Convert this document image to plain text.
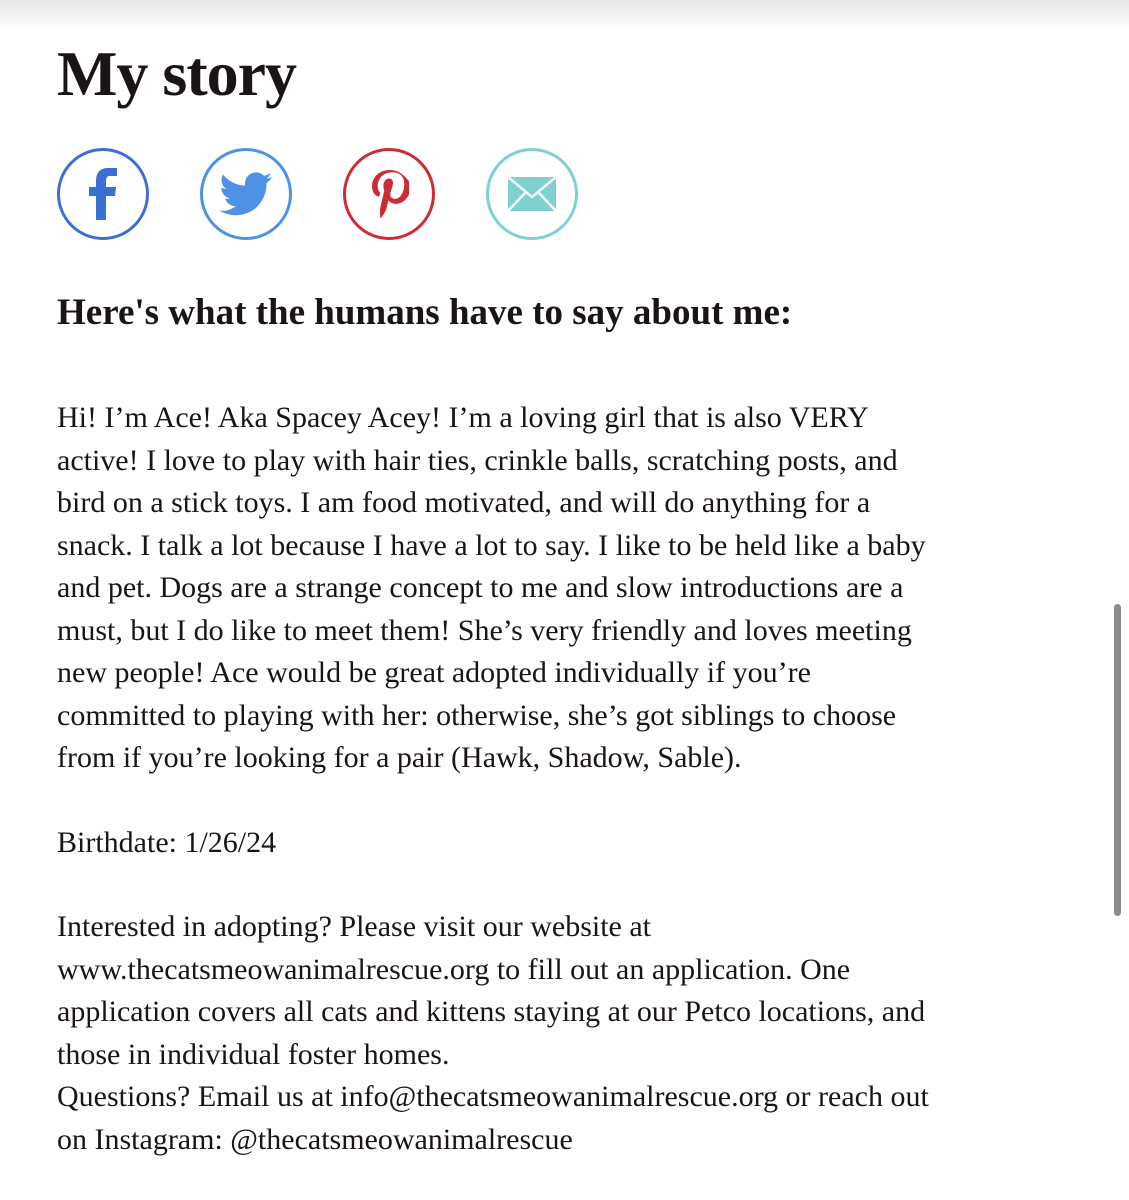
My story
Here's what the humans have to say about me:

Hi! I’m Ace! Aka Spacey Acey! I’m a loving girl that is also VERY
active! I love to play with hair ties, crinkle balls, scratching posts, and
bird on a stick toys. I am food motivated, and will do anything for a
snack. I talk a lot because I have a lot to say. I like to be held like a baby
and pet. Dogs are a strange concept to me and slow introductions are a
must, but I do like to meet them! She’s very friendly and loves meeting
new people! Ace would be great adopted individually if you’re
committed to playing with her: otherwise, she’s got siblings to choose
from if you’re looking for a pair (Hawk, Shadow, Sable).

Birthdate: 1/26/24

Interested in adopting? Please visit our website at
www.thecatsmeowanimalrescue.org to fill out an application. One
application covers all cats and kittens staying at our Petco locations, and
those in individual foster homes.

Questions? Email us at info@thecatsmeowanimalrescue.org or reach out
on Instagram: @thecatsmeowanimalrescue
